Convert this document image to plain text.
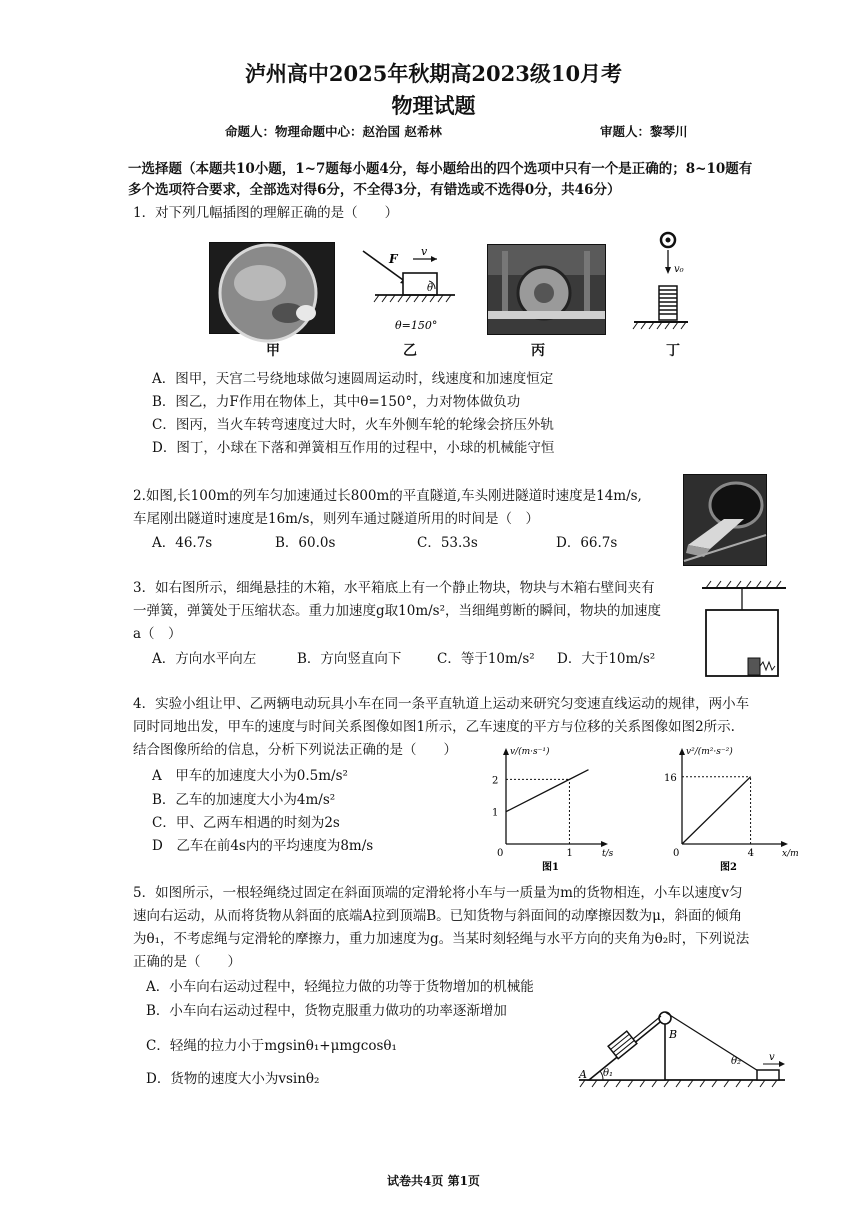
泸州高中2025年秋期高2023级10月考
物理试题
命题人：物理命题中心：赵治国 赵希林	审题人：黎琴川
一选择题（本题共10小题，1~7题每小题4分，每小题给出的四个选项中只有一个是正确的；8~10题有
多个选项符合要求，全部选对得6分，不全得3分，有错选或不选得0分，共46分）
1．对下列几幅插图的理解正确的是（　　）
甲
F
v
θ
θ=150°
乙	丙
v₀
丁
A．图甲，天宫二号绕地球做匀速圆周运动时，线速度和加速度恒定
B．图乙，力F作用在物体上，其中θ=150°，力对物体做负功
C．图丙，当火车转弯速度过大时，火车外侧车轮的轮缘会挤压外轨
D．图丁，小球在下落和弹簧相互作用的过程中，小球的机械能守恒
2.如图,长100m的列车匀加速通过长800m的平直隧道,车头刚进隧道时速度是14m/s,
车尾刚出隧道时速度是16m/s，则列车通过隧道所用的时间是（　）
A．46.7s	B．60.0s	C．53.3s	D．66.7s
3．如右图所示，细绳悬挂的木箱，水平箱底上有一个静止物块，物块与木箱右壁间夹有
一弹簧，弹簧处于压缩状态。重力加速度g取10m/s²，当细绳剪断的瞬间，物块的加速度
a（　）
A．方向水平向左	B．方向竖直向下	C．等于10m/s² D．大于10m/s²
4．实验小组让甲、乙两辆电动玩具小车在同一条平直轨道上运动来研究匀变速直线运动的规律，两小车
同时同地出发，甲车的速度与时间关系图像如图1所示，乙车速度的平方与位移的关系图像如图2所示.
结合图像所给的信息，分析下列说法正确的是（　　）
A　甲车的加速度大小为0.5m/s²
B．乙车的加速度大小为4m/s²
C．甲、乙两车相遇的时刻为2s
D　乙车在前4s内的平均速度为8m/s
v/(m·s⁻¹)
t/s
0	1
1
2
图1
v²/(m²·s⁻²)
x/m
0	4
16
图2
5．如图所示，一根轻绳绕过固定在斜面顶端的定滑轮将小车与一质量为m的货物相连，小车以速度v匀
速向右运动，从而将货物从斜面的底端A拉到顶端B。已知货物与斜面间的动摩擦因数为μ，斜面的倾角
为θ₁，不考虑绳与定滑轮的摩擦力，重力加速度为g。当某时刻轻绳与水平方向的夹角为θ₂时，下列说法
正确的是（　　）
A．小车向右运动过程中，轻绳拉力做的功等于货物增加的机械能
B．小车向右运动过程中，货物克服重力做功的功率逐渐增加
C．轻绳的拉力小于mgsinθ₁+μmgcosθ₁
D．货物的速度大小为vsinθ₂
v
A θ₁
B
θ₂
试卷共4页 第1页
